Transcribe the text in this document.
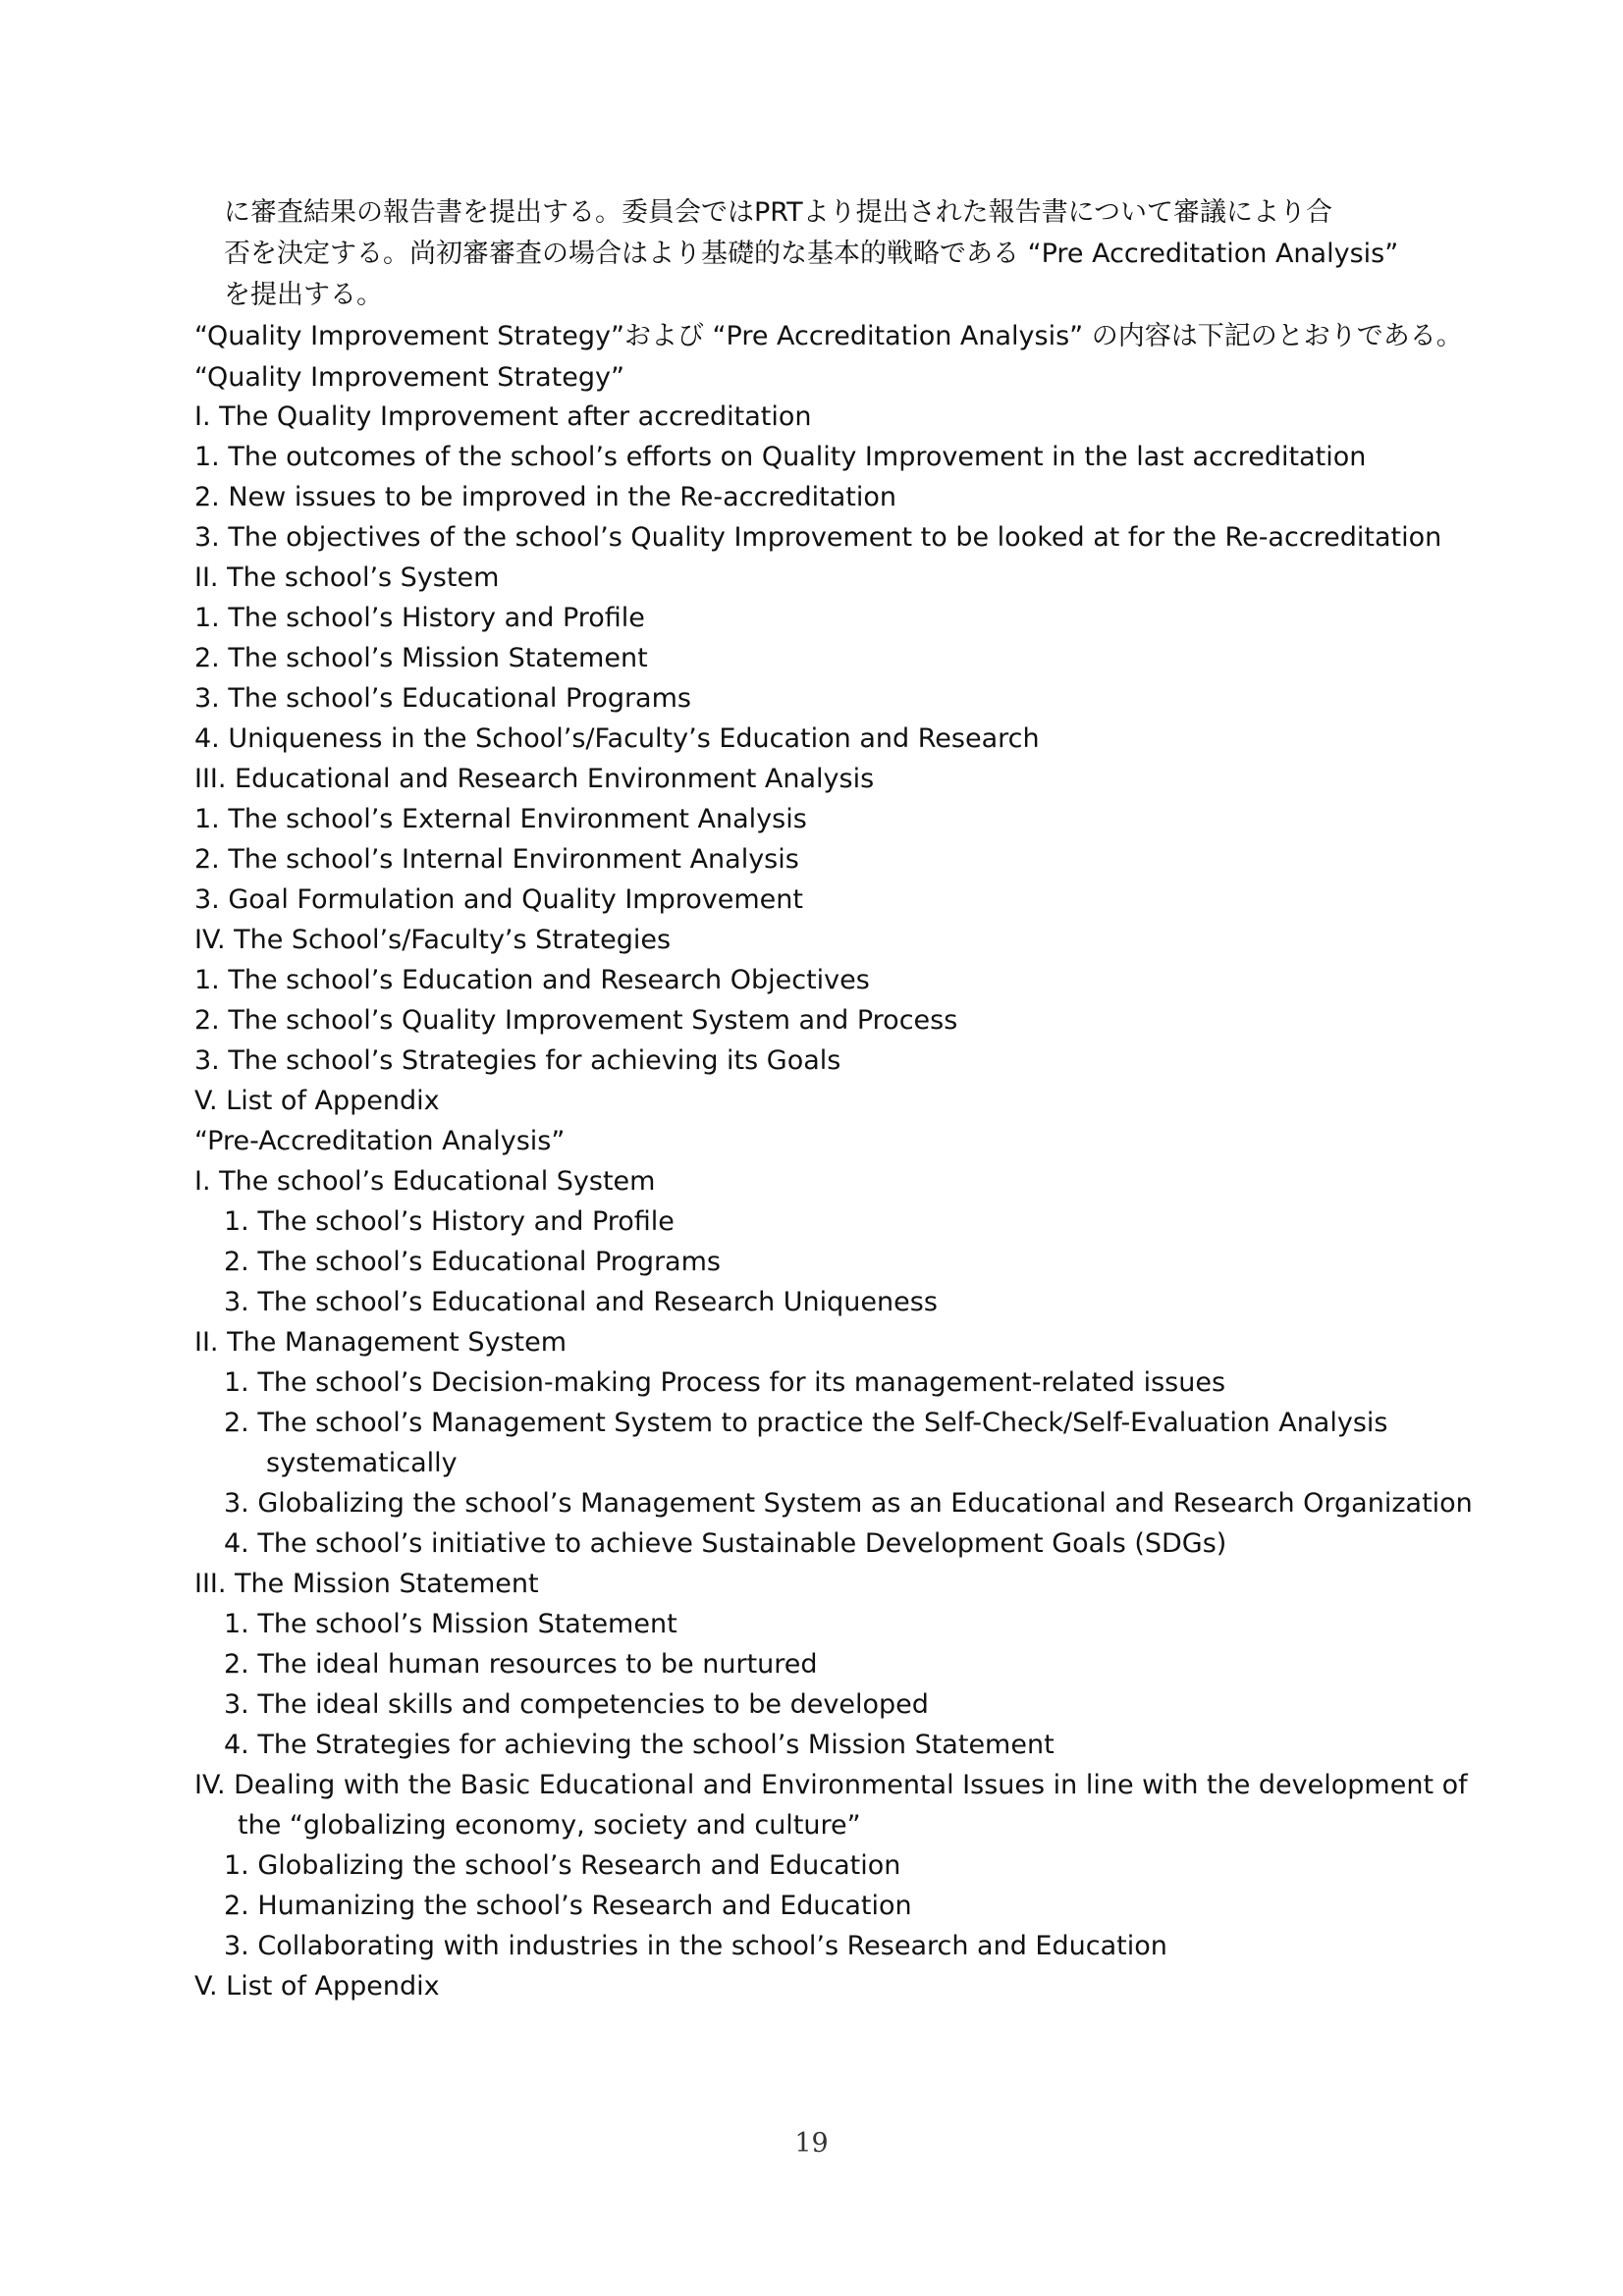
に審査結果の報告書を提出する。委員会ではPRTより提出された報告書について審議により合
否を決定する。尚初審審査の場合はより基礎的な基本的戦略である “Pre Accreditation Analysis”
を提出する。
“Quality Improvement Strategy”および “Pre Accreditation Analysis” の内容は下記のとおりである。
“Quality Improvement Strategy”
I. The Quality Improvement after accreditation
1. The outcomes of the school’s efforts on Quality Improvement in the last accreditation
2. New issues to be improved in the Re-accreditation
3. The objectives of the school’s Quality Improvement to be looked at for the Re-accreditation
II. The school’s System
1. The school’s History and Profile
2. The school’s Mission Statement
3. The school’s Educational Programs
4. Uniqueness in the School’s/Faculty’s Education and Research
III. Educational and Research Environment Analysis
1. The school’s External Environment Analysis
2. The school’s Internal Environment Analysis
3. Goal Formulation and Quality Improvement
IV. The School’s/Faculty’s Strategies
1. The school’s Education and Research Objectives
2. The school’s Quality Improvement System and Process
3. The school’s Strategies for achieving its Goals
V. List of Appendix
“Pre-Accreditation Analysis”
I. The school’s Educational System
1. The school’s History and Profile
2. The school’s Educational Programs
3. The school’s Educational and Research Uniqueness
II. The Management System
1. The school’s Decision-making Process for its management-related issues
2. The school’s Management System to practice the Self-Check/Self-Evaluation Analysis
systematically
3. Globalizing the school’s Management System as an Educational and Research Organization
4. The school’s initiative to achieve Sustainable Development Goals (SDGs)
III. The Mission Statement
1. The school’s Mission Statement
2. The ideal human resources to be nurtured
3. The ideal skills and competencies to be developed
4. The Strategies for achieving the school’s Mission Statement
IV. Dealing with the Basic Educational and Environmental Issues in line with the development of
the “globalizing economy, society and culture”
1. Globalizing the school’s Research and Education
2. Humanizing the school’s Research and Education
3. Collaborating with industries in the school’s Research and Education
V. List of Appendix
19
